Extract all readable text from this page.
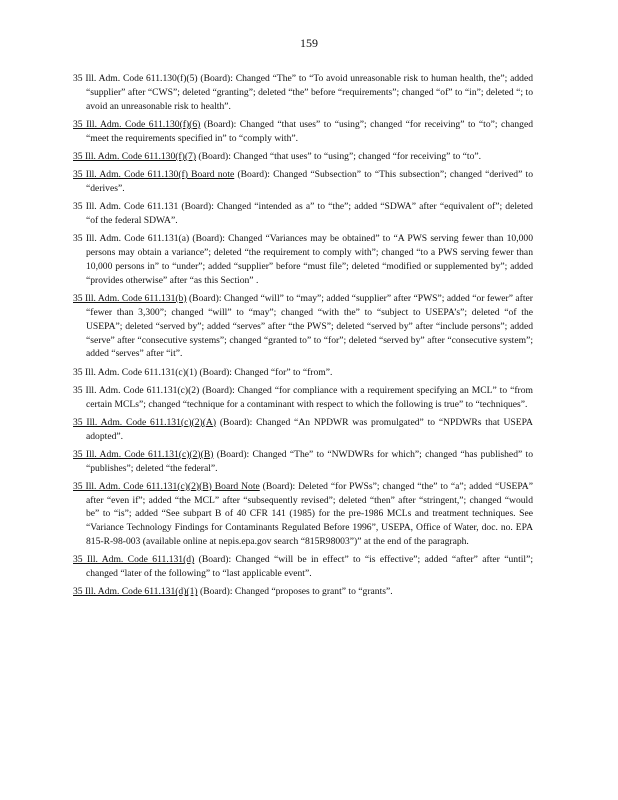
159

35 Ill. Adm. Code 611.130(f)(5) (Board): Changed “The” to “To avoid unreasonable risk to human health, the”; added “supplier” after “CWS”; deleted “granting”; deleted “the” before “requirements”; changed “of” to “in”; deleted “; to avoid an unreasonable risk to health”.

35 Ill. Adm. Code 611.130(f)(6) (Board): Changed “that uses” to “using”; changed “for receiving” to “to”; changed “meet the requirements specified in” to “comply with”.

35 Ill. Adm. Code 611.130(f)(7) (Board): Changed “that uses” to “using”; changed “for receiving” to “to”.

35 Ill. Adm. Code 611.130(f) Board note (Board): Changed “Subsection” to “This subsection”; changed “derived” to “derives”.

35 Ill. Adm. Code 611.131 (Board): Changed “intended as a” to “the”; added “SDWA” after “equivalent of”; deleted “of the federal SDWA”.

35 Ill. Adm. Code 611.131(a) (Board): Changed “Variances may be obtained” to “A PWS serving fewer than 10,000 persons may obtain a variance”; deleted “the requirement to comply with”; changed “to a PWS serving fewer than 10,000 persons in” to “under”; added “supplier” before “must file”; deleted “modified or supplemented by”; added “provides otherwise” after “as this Section” .

35 Ill. Adm. Code 611.131(b) (Board): Changed “will” to “may”; added “supplier” after “PWS”; added “or fewer” after “fewer than 3,300”; changed “will” to “may”; changed “with the” to “subject to USEPA’s”; deleted “of the USEPA”; deleted “served by”; added “serves” after “the PWS”; deleted “served by” after “include persons”; added “serve” after “consecutive systems”; changed “granted to” to “for”; deleted “served by” after “consecutive system”; added “serves” after “it”.

35 Ill. Adm. Code 611.131(c)(1) (Board): Changed “for” to “from”.

35 Ill. Adm. Code 611.131(c)(2) (Board): Changed “for compliance with a requirement specifying an MCL” to “from certain MCLs”; changed “technique for a contaminant with respect to which the following is true” to “techniques”.

35 Ill. Adm. Code 611.131(c)(2)(A) (Board): Changed “An NPDWR was promulgated” to “NPDWRs that USEPA adopted”.

35 Ill. Adm. Code 611.131(c)(2)(B) (Board): Changed “The” to “NWDWRs for which”; changed “has published” to “publishes”; deleted “the federal”.

35 Ill. Adm. Code 611.131(c)(2)(B) Board Note (Board): Deleted “for PWSs”; changed “the” to “a”; added “USEPA” after “even if”; added “the MCL” after “subsequently revised”; deleted “then” after “stringent,”; changed “would be” to “is”; added “See subpart B of 40 CFR 141 (1985) for the pre-1986 MCLs and treatment techniques. See “Variance Technology Findings for Contaminants Regulated Before 1996”, USEPA, Office of Water, doc. no. EPA 815-R-98-003 (available online at nepis.epa.gov search “815R98003”)” at the end of the paragraph.

35 Ill. Adm. Code 611.131(d) (Board): Changed “will be in effect” to “is effective”; added “after” after “until”; changed “later of the following” to “last applicable event”.

35 Ill. Adm. Code 611.131(d)(1) (Board): Changed “proposes to grant” to “grants”.
